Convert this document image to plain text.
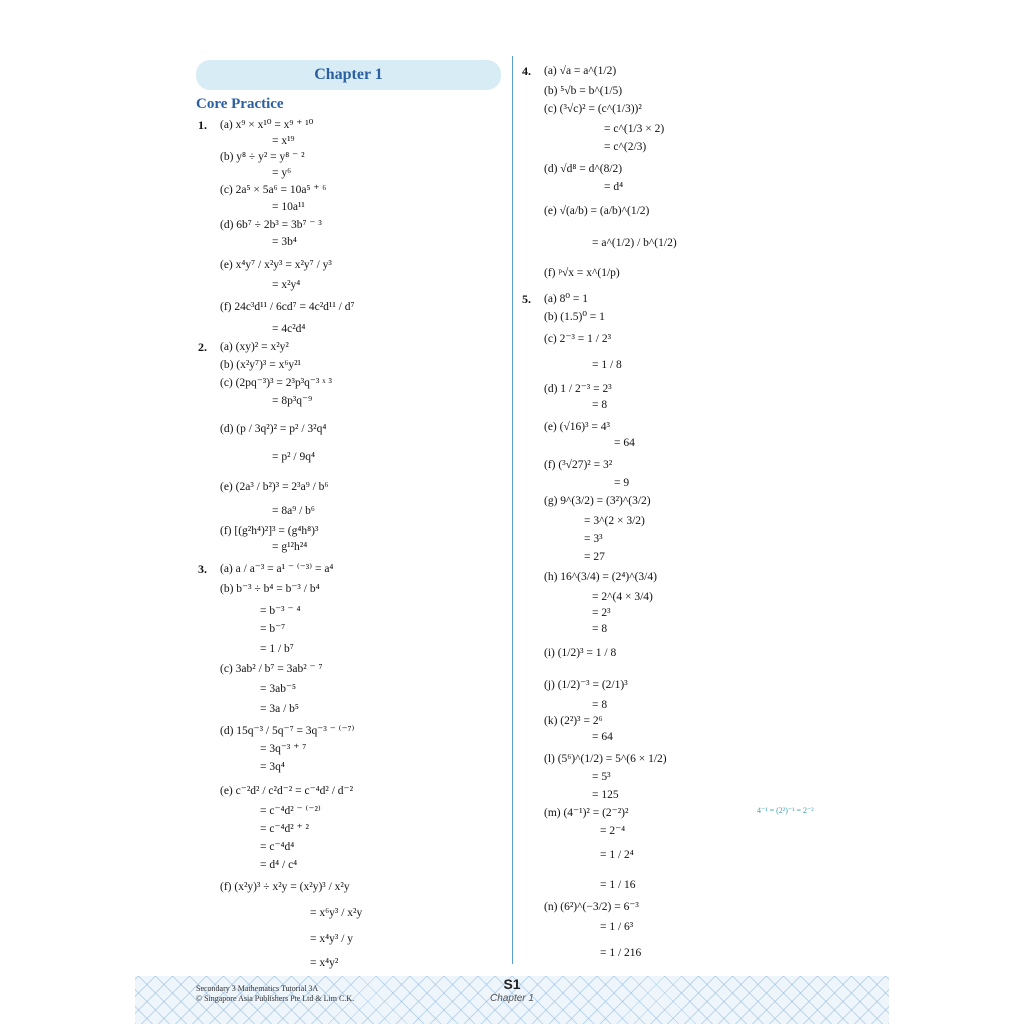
Chapter 1
Core Practice
1. (a) x⁹ × x¹⁰ = x⁹ ⁺ ¹⁰
= x¹⁹
(b) y⁸ ÷ y² = y⁸ ⁻ ²
= y⁶
(c) 2a⁵ × 5a⁶ = 10a⁵ ⁺ ⁶
= 10a¹¹
(d) 6b⁷ ÷ 2b³ = 3b⁷ ⁻ ³
= 3b⁴
(e) x⁴y⁷ / x²y³ = x²y⁷ / y³
= x²y⁴
(f) 24c³d¹¹ / 6cd⁷ = 4c²d¹¹ / d⁷
= 4c²d⁴
2. (a) (xy)² = x²y²
(b) (x²y⁷)³ = x⁶y²¹
(c) (2pq⁻³)³ = 2³p³q⁻³ ˣ ³
= 8p³q⁻⁹
(d) (p / 3q²)² = p² / 3²q⁴
= p² / 9q⁴
(e) (2a³ / b²)³ = 2³a⁹ / b⁶
= 8a⁹ / b⁶
(f) [(g²h⁴)²]³ = (g⁴h⁸)³
= g¹²h²⁴
3. (a) a / a⁻³ = a¹ ⁻ ⁽⁻³⁾ = a⁴
(b) b⁻³ ÷ b⁴ = b⁻³ / b⁴
= b⁻³ ⁻ ⁴
= b⁻⁷
= 1 / b⁷
(c) 3ab² / b⁷ = 3ab² ⁻ ⁷
= 3ab⁻⁵
= 3a / b⁵
(d) 15q⁻³ / 5q⁻⁷ = 3q⁻³ ⁻ ⁽⁻⁷⁾
= 3q⁻³ ⁺ ⁷
= 3q⁴
(e) c⁻²d² / c²d⁻² = c⁻⁴d² / d⁻²
= c⁻⁴d² ⁻ ⁽⁻²⁾
= c⁻⁴d² ⁺ ²
= c⁻⁴d⁴
= d⁴ / c⁴
(f) (x²y)³ ÷ x²y = (x²y)³ / x²y
= x⁶y³ / x²y
= x⁴y³ / y
= x⁴y²
4. (a) √a = a^(1/2)
(b) ⁵√b = b^(1/5)
(c) (³√c)² = (c^(1/3))²
= c^(1/3 × 2)
= c^(2/3)
(d) √d⁸ = d^(8/2)
= d⁴
(e) √(a/b) = (a/b)^(1/2)
= a^(1/2) / b^(1/2)
(f) ᵖ√x = x^(1/p)
5. (a) 8⁰ = 1
(b) (1.5)⁰ = 1
(c) 2⁻³ = 1 / 2³
= 1 / 8
(d) 1 / 2⁻³ = 2³
= 8
(e) (√16)³ = 4³
= 64
(f) (³√27)² = 3²
= 9
(g) 9^(3/2) = (3²)^(3/2)
= 3^(2 × 3/2)
= 3³
= 27
(h) 16^(3/4) = (2⁴)^(3/4)
= 2^(4 × 3/4)
= 2³
= 8
(i) (1/2)³ = 1 / 8
(j) (1/2)⁻³ = (2/1)³
= 8
(k) (2²)³ = 2⁶
= 64
(l) (5⁶)^(1/2) = 5^(6 × 1/2)
= 5³
= 125
(m) (4⁻¹)² = (2⁻²)²
= 2⁻⁴
= 1 / 2⁴
= 1 / 16
(n) (6²)^(−3/2) = 6⁻³
= 1 / 6³
= 1 / 216
4⁻¹ = (2²)⁻¹ = 2⁻²
Secondary 3 Mathematics Tutorial 3A
© Singapore Asia Publishers Pte Ltd & Lim C.K.
S1
Chapter 1
